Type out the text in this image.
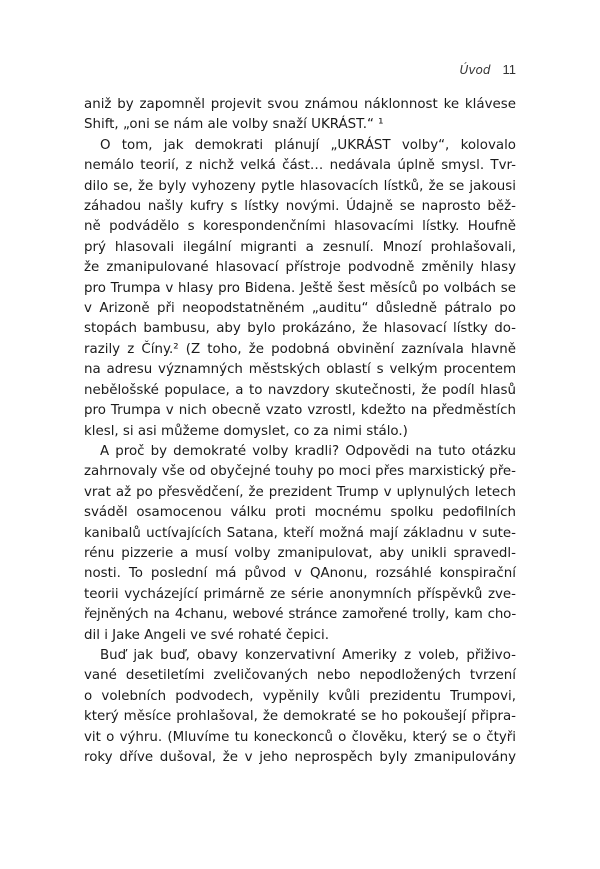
Úvod 11
aniž by zapomněl projevit svou známou náklonnost ke klávese
Shift, „oni se nám ale volby snaží UKRÁST.“ ¹
O tom, jak demokrati plánují „UKRÁST volby“, kolovalo
nemálo teorií, z nichž velká část… nedávala úplně smysl. Tvr-
dilo se, že byly vyhozeny pytle hlasovacích lístků, že se jakousi
záhadou našly kufry s lístky novými. Údajně se naprosto běž-
ně podvádělo s korespondenčními hlasovacími lístky. Houfně
prý hlasovali ilegální migranti a zesnulí. Mnozí prohlašovali,
že zmanipulované hlasovací přístroje podvodně změnily hlasy
pro Trumpa v hlasy pro Bidena. Ještě šest měsíců po volbách se
v Arizoně při neopodstatněném „auditu“ důsledně pátralo po
stopách bambusu, aby bylo prokázáno, že hlasovací lístky do-
razily z Číny.² (Z toho, že podobná obvinění zaznívala hlavně
na adresu významných městských oblastí s velkým procentem
nebělošské populace, a to navzdory skutečnosti, že podíl hlasů
pro Trumpa v nich obecně vzato vzrostl, kdežto na předměstích
klesl, si asi můžeme domyslet, co za nimi stálo.)
A proč by demokraté volby kradli? Odpovědi na tuto otázku
zahrnovaly vše od obyčejné touhy po moci přes marxistický pře-
vrat až po přesvědčení, že prezident Trump v uplynulých letech
sváděl osamocenou válku proti mocnému spolku pedofilních
kanibalů uctívajících Satana, kteří možná mají základnu v sute-
rénu pizzerie a musí volby zmanipulovat, aby unikli spravedl-
nosti. To poslední má původ v QAnonu, rozsáhlé konspirační
teorii vycházející primárně ze série anonymních příspěvků zve-
řejněných na 4chanu, webové stránce zamořené trolly, kam cho-
dil i Jake Angeli ve své rohaté čepici.
Buď jak buď, obavy konzervativní Ameriky z voleb, přiživo-
vané desetiletími zveličovaných nebo nepodložených tvrzení
o volebních podvodech, vypěnily kvůli prezidentu Trumpovi,
který měsíce prohlašoval, že demokraté se ho pokoušejí připra-
vit o výhru. (Mluvíme tu koneckonců o člověku, který se o čtyři
roky dříve dušoval, že v jeho neprospěch byly zmanipulovány
